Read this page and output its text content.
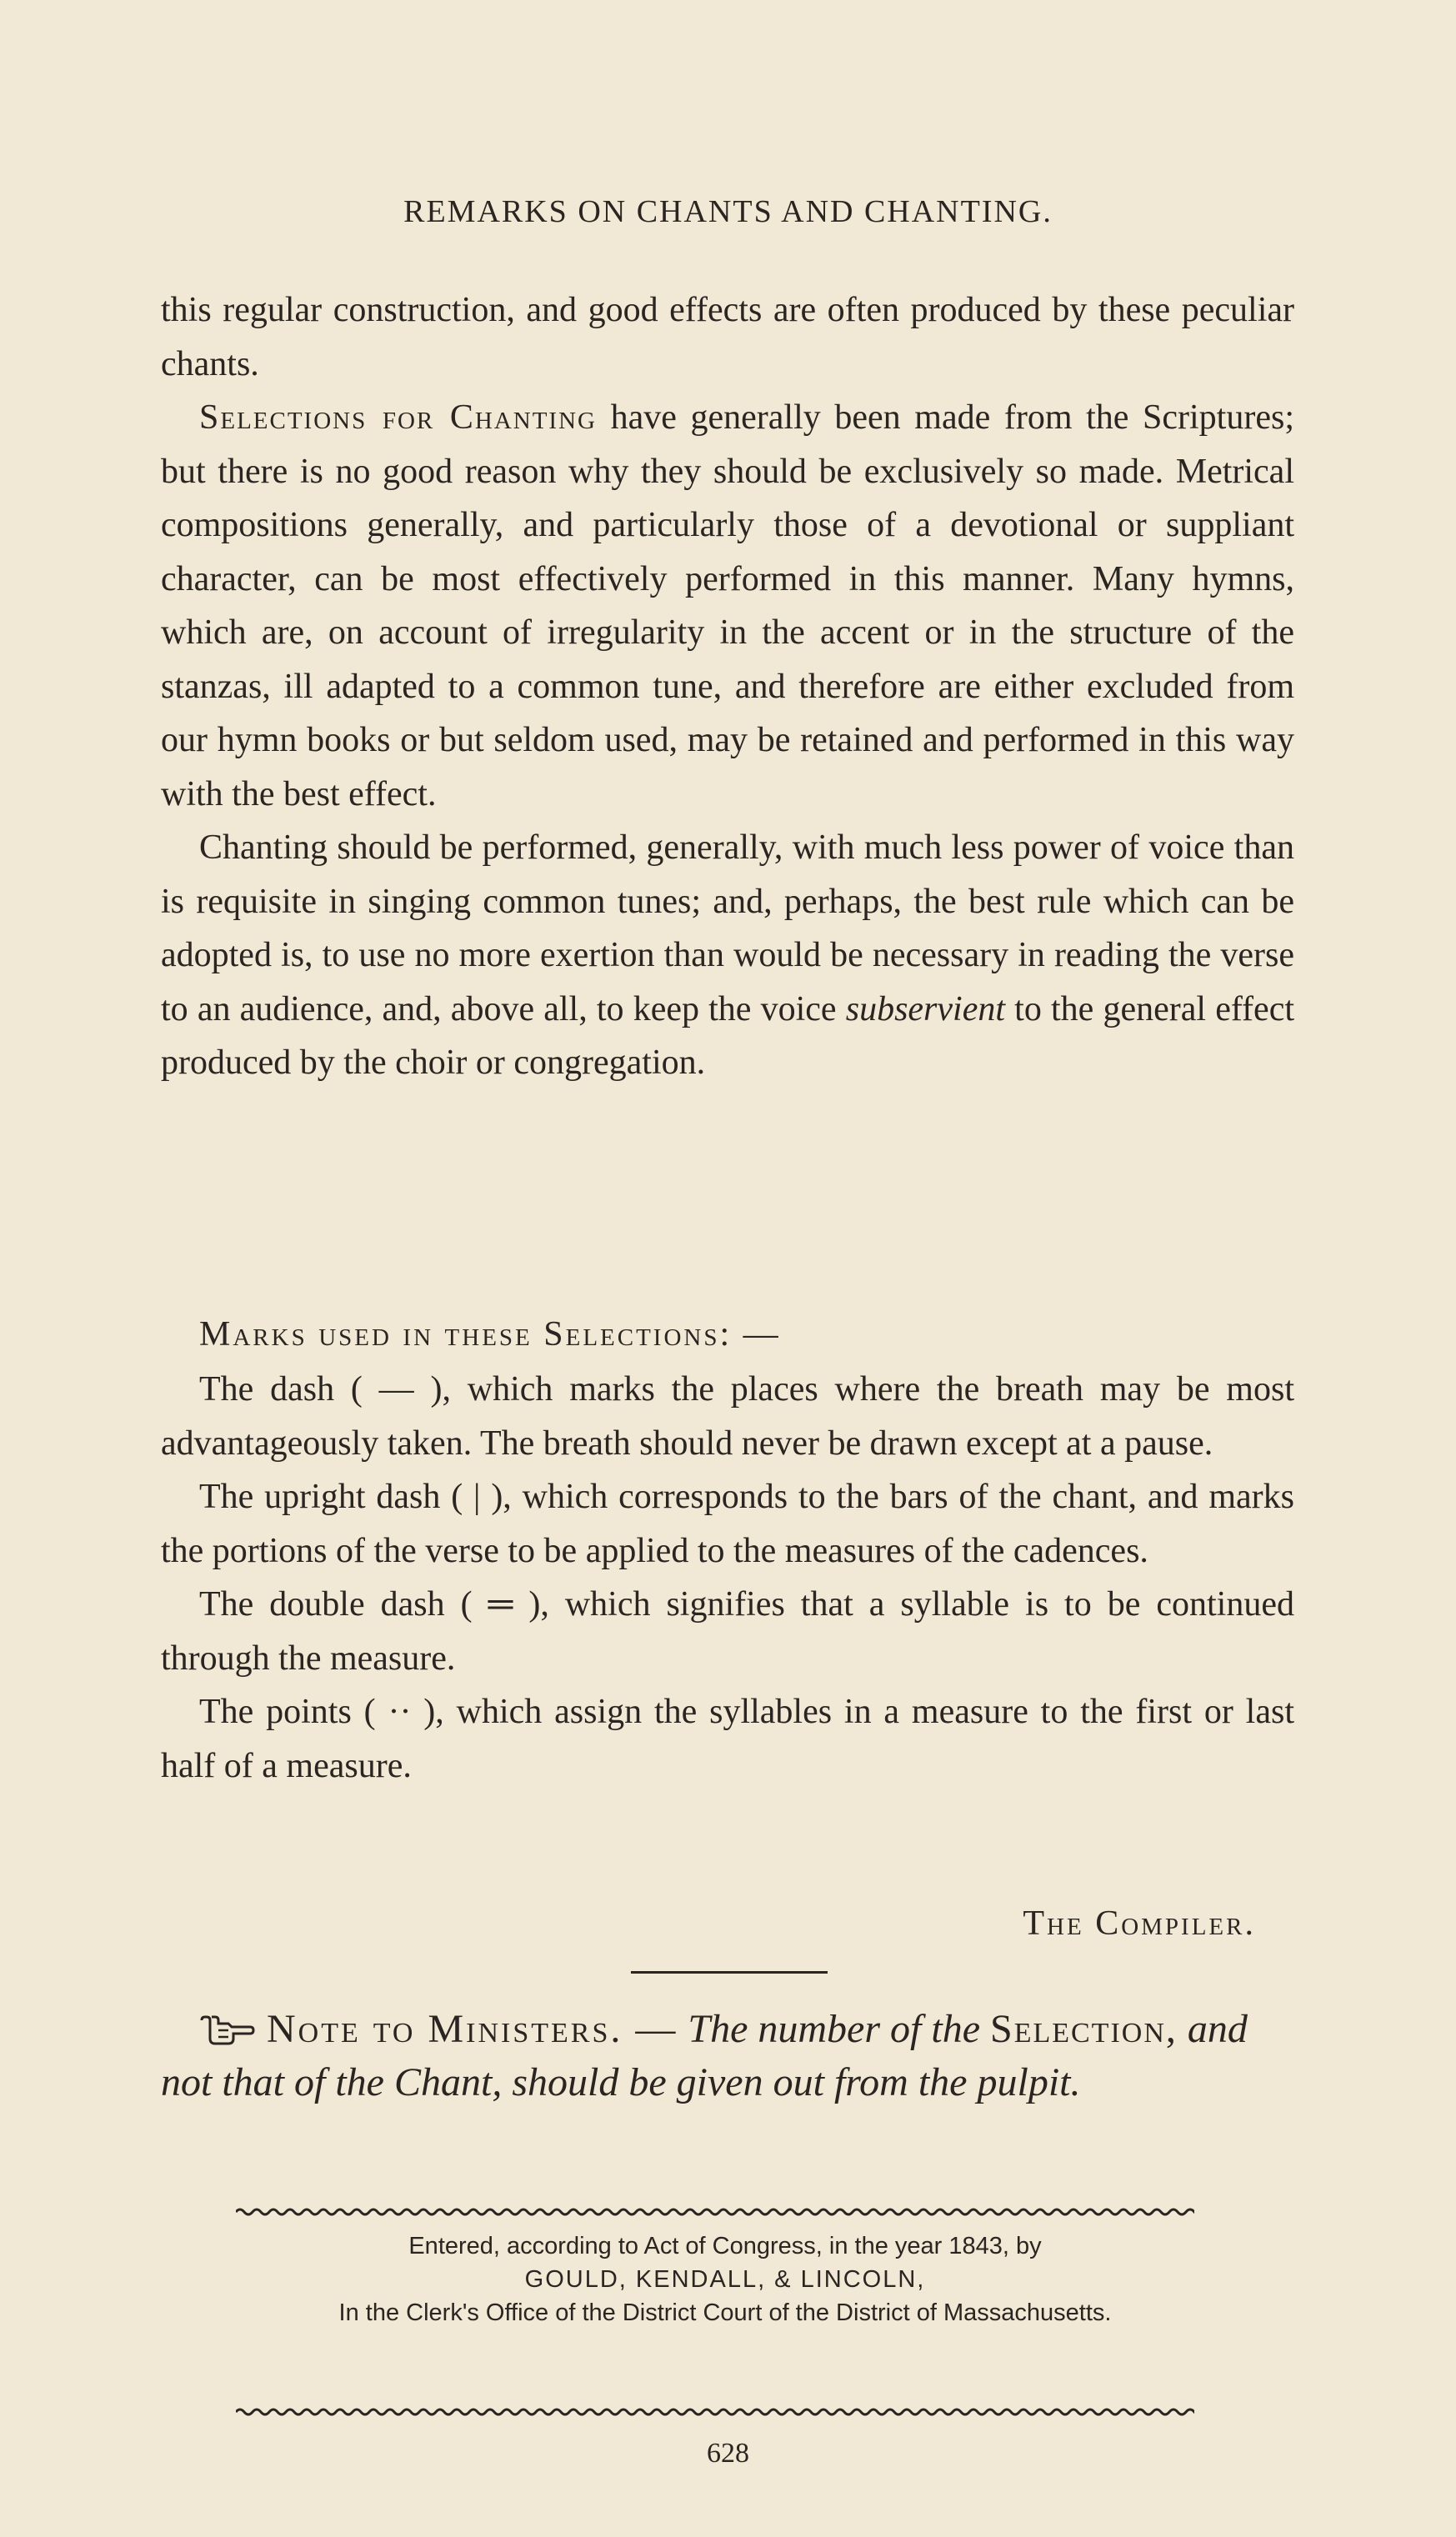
REMARKS ON CHANTS AND CHANTING.

this regular construction, and good effects are often produced by these peculiar chants.

Selections for Chanting have generally been made from the Scriptures; but there is no good reason why they should be exclusively so made. Metrical compositions generally, and particularly those of a devotional or suppliant character, can be most effectively performed in this manner. Many hymns, which are, on account of irregularity in the accent or in the structure of the stanzas, ill adapted to a common tune, and therefore are either excluded from our hymn books or but seldom used, may be retained and performed in this way with the best effect.

Chanting should be performed, generally, with much less power of voice than is requisite in singing common tunes; and, perhaps, the best rule which can be adopted is, to use no more exertion than would be necessary in reading the verse to an audience, and, above all, to keep the voice subservient to the general effect produced by the choir or congregation.

Marks used in these Selections: —

The dash ( — ), which marks the places where the breath may be most advantageously taken. The breath should never be drawn except at a pause.

The upright dash ( | ), which corresponds to the bars of the chant, and marks the portions of the verse to be applied to the measures of the cadences.

The double dash ( ═ ), which signifies that a syllable is to be continued through the measure.

The points ( ·· ), which assign the syllables in a measure to the first or last half of a measure.

The Compiler.
Note to Ministers. — The number of the Selection, and not that of the Chant, should be given out from the pulpit.
Entered, according to Act of Congress, in the year 1843, by
GOULD, KENDALL, & LINCOLN,
In the Clerk's Office of the District Court of the District of Massachusetts.
628
